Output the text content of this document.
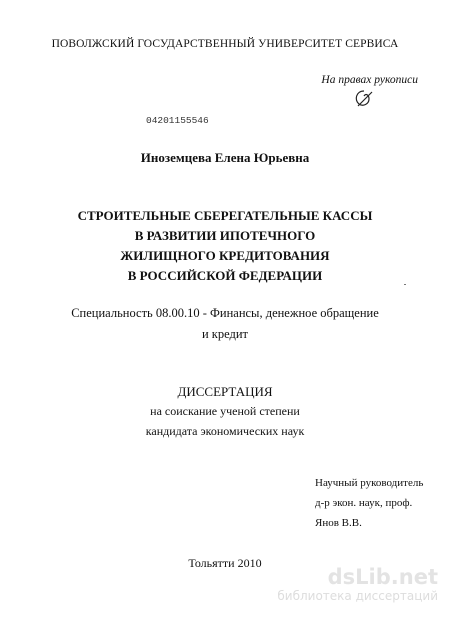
ПОВОЛЖСКИЙ ГОСУДАРСТВЕННЫЙ УНИВЕРСИТЕТ СЕРВИСА

На правах рукописи

04201155546

Иноземцева Елена Юрьевна

СТРОИТЕЛЬНЫЕ СБЕРЕГАТЕЛЬНЫЕ КАССЫ

В РАЗВИТИИ ИПОТЕЧНОГО

ЖИЛИЩНОГО КРЕДИТОВАНИЯ

В РОССИЙСКОЙ ФЕДЕРАЦИИ

Специальность 08.00.10 - Финансы, денежное обращение

и кредит

ДИССЕРТАЦИЯ

на соискание ученой степени

кандидата экономических наук

Научный руководитель

д-р экон. наук, проф.

Янов В.В.

Тольятти 2010

dsLib.net
библиотека диссертаций
